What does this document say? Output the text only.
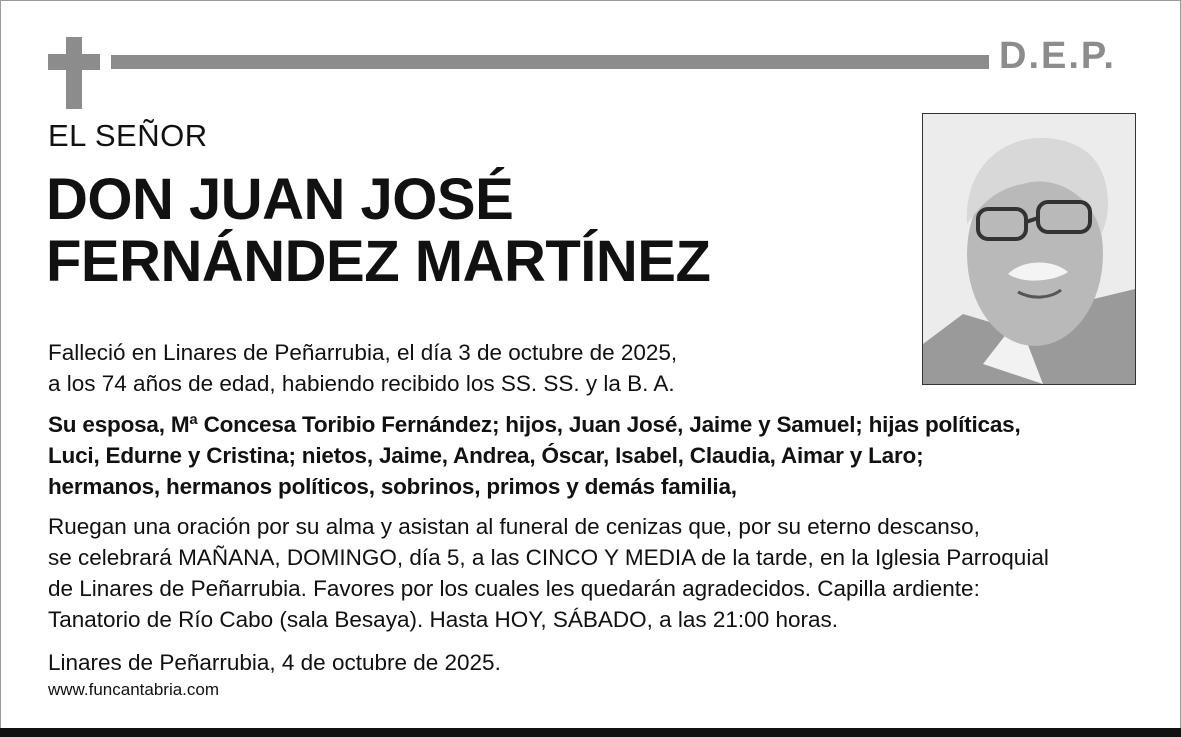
D.E.P.
EL SEÑOR
DON JUAN JOSÉ
FERNÁNDEZ MARTÍNEZ
Falleció en Linares de Peñarrubia, el día 3 de octubre de 2025,
a los 74 años de edad, habiendo recibido los SS. SS. y la B. A.
Su esposa, Mª Concesa Toribio Fernández; hijos, Juan José, Jaime y Samuel; hijas políticas,
Luci, Edurne y Cristina; nietos, Jaime, Andrea, Óscar, Isabel, Claudia, Aimar y Laro;
hermanos, hermanos políticos, sobrinos, primos y demás familia,
Ruegan una oración por su alma y asistan al funeral de cenizas que, por su eterno descanso,
se celebrará MAÑANA, DOMINGO, día 5, a las CINCO Y MEDIA de la tarde, en la Iglesia Parroquial
de Linares de Peñarrubia. Favores por los cuales les quedarán agradecidos. Capilla ardiente:
Tanatorio de Río Cabo (sala Besaya). Hasta HOY, SÁBADO, a las 21:00 horas.
Linares de Peñarrubia, 4 de octubre de 2025.
www.funcantabria.com
